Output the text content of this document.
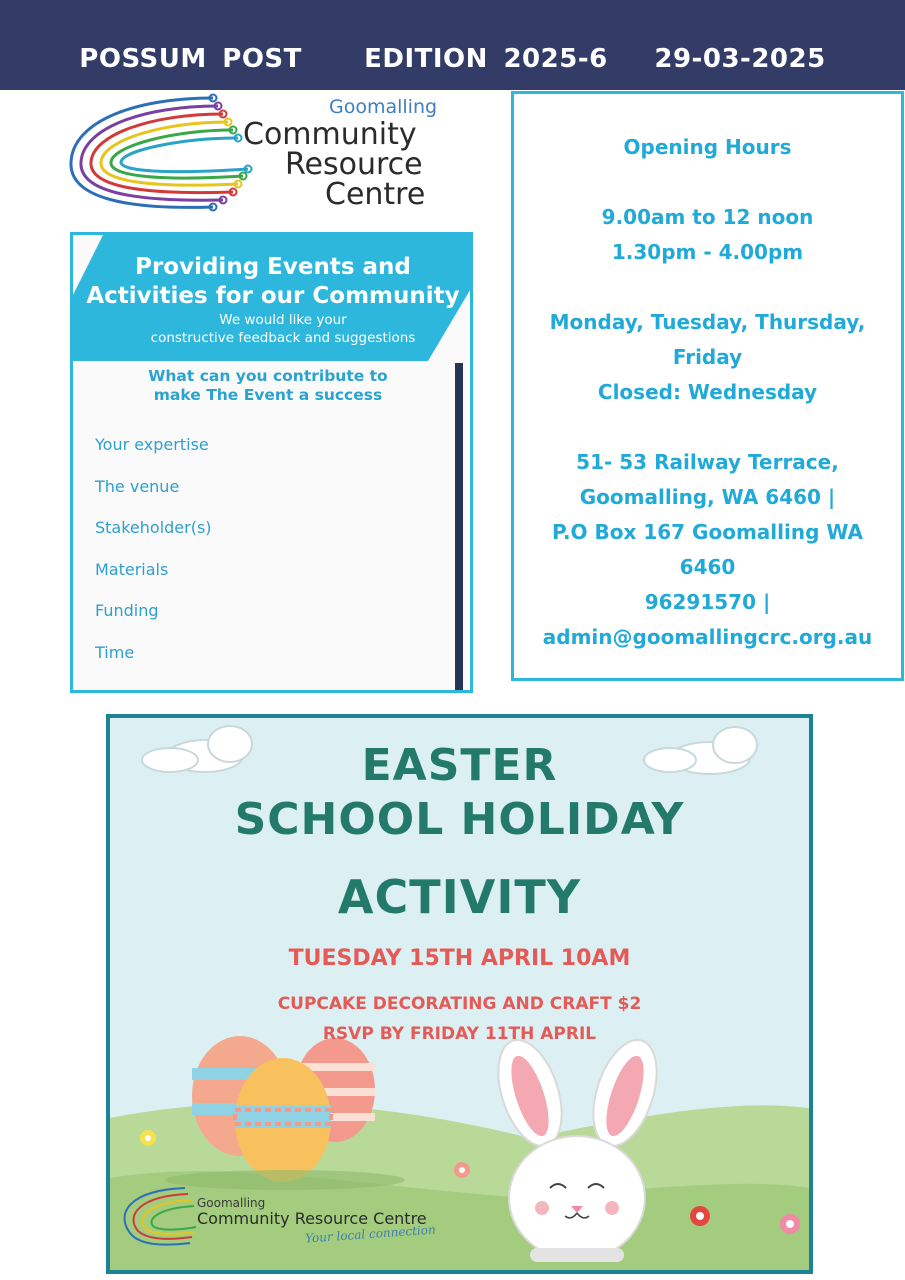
POSSUM POST EDITION 2025-6 29-03-2025
Goomalling
Community
Resource
Centre
Providing Events and
Activities for our Community
We would like your
constructive feedback and suggestions
What can you contribute to
make The Event a success
Your expertise
The venue
Stakeholder(s)
Materials
Funding
Time
Opening Hours
9.00am to 12 noon
1.30pm - 4.00pm
Monday, Tuesday, Thursday,
Friday
Closed: Wednesday
51- 53 Railway Terrace,
Goomalling, WA 6460 |
P.O Box 167 Goomalling WA
6460
96291570 |
admin@goomallingcrc.org.au
EASTER
SCHOOL HOLIDAY
ACTIVITY
TUESDAY 15TH APRIL 10AM
CUPCAKE DECORATING AND CRAFT $2
RSVP BY FRIDAY 11TH APRIL
Goomalling
Community Resource Centre
Your local connection
